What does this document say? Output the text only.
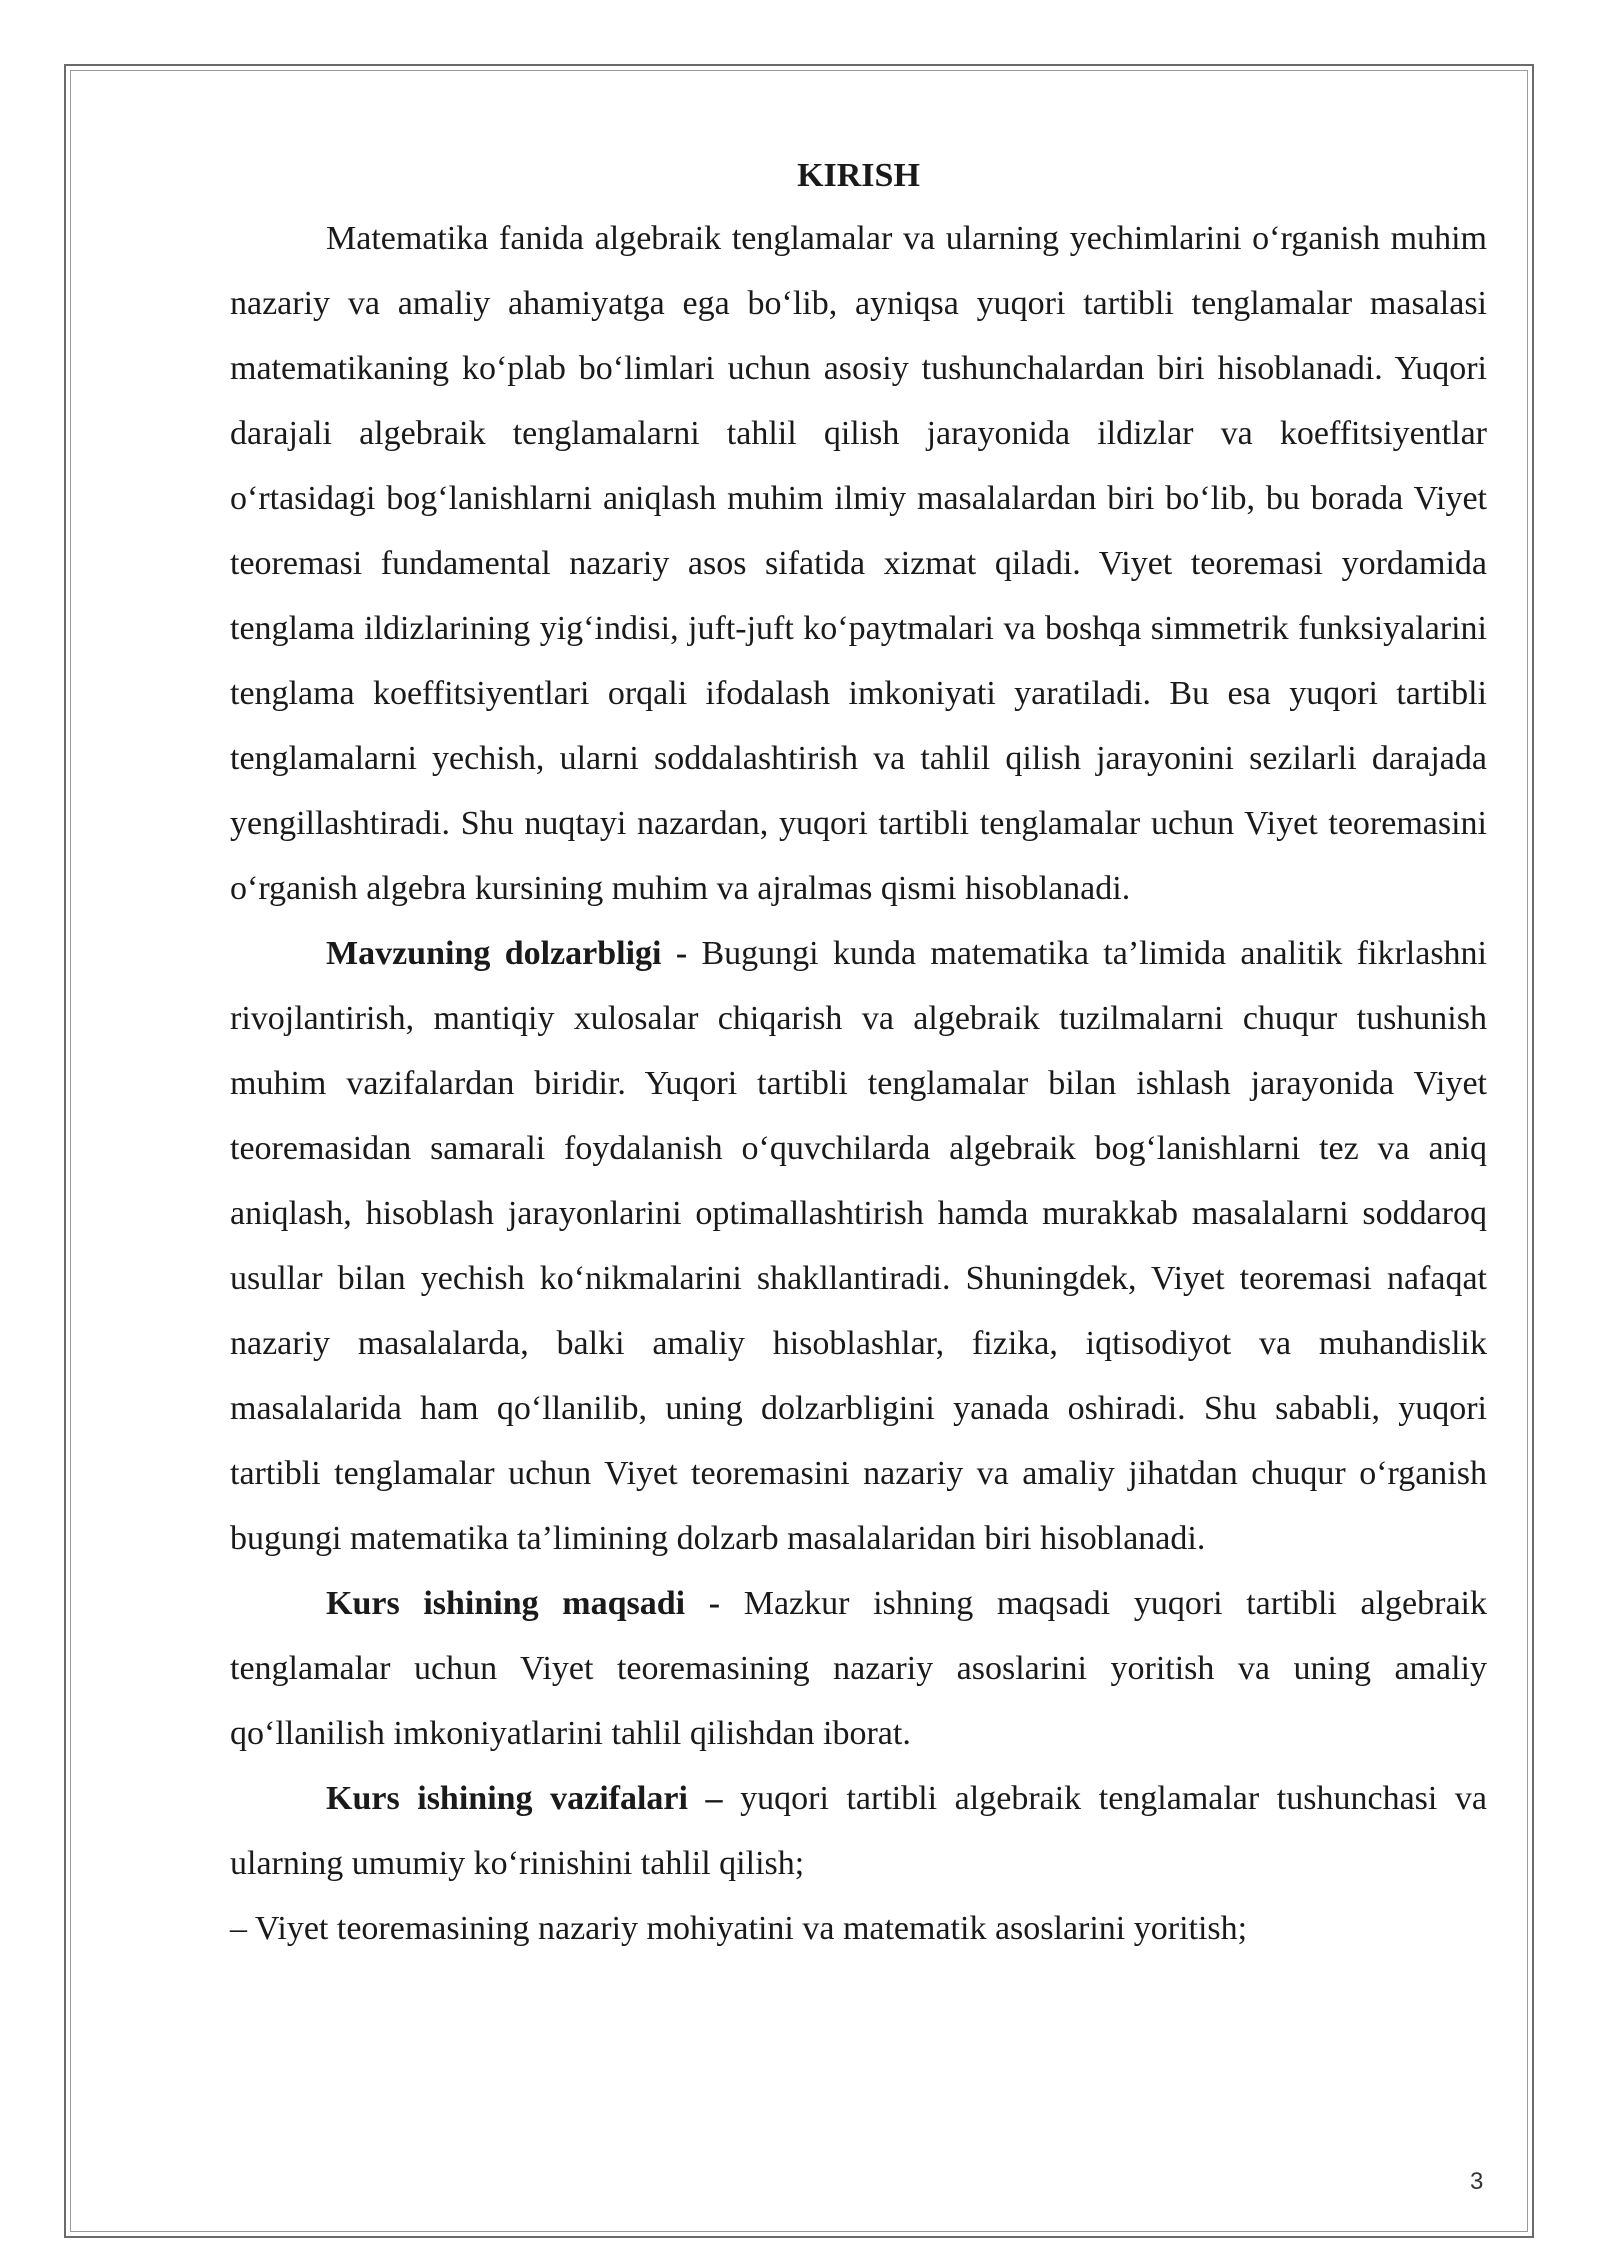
KIRISH

Matematika fanida algebraik tenglamalar va ularning yechimlarini o‘rganish muhim nazariy va amaliy ahamiyatga ega bo‘lib, ayniqsa yuqori tartibli tenglamalar masalasi matematikaning ko‘plab bo‘limlari uchun asosiy tushunchalardan biri hisoblanadi. Yuqori darajali algebraik tenglamalarni tahlil qilish jarayonida ildizlar va koeffitsiyentlar o‘rtasidagi bog‘lanishlarni aniqlash muhim ilmiy masalalardan biri bo‘lib, bu borada Viyet teoremasi fundamental nazariy asos sifatida xizmat qiladi. Viyet teoremasi yordamida tenglama ildizlarining yig‘indisi, juft-juft ko‘paytmalari va boshqa simmetrik funksiyalarini tenglama koeffitsiyentlari orqali ifodalash imkoniyati yaratiladi. Bu esa yuqori tartibli tenglamalarni yechish, ularni soddalashtirish va tahlil qilish jarayonini sezilarli darajada yengillashtiradi. Shu nuqtayi nazardan, yuqori tartibli tenglamalar uchun Viyet teoremasini o‘rganish algebra kursining muhim va ajralmas qismi hisoblanadi.

Mavzuning dolzarbligi - Bugungi kunda matematika ta’limida analitik fikrlashni rivojlantirish, mantiqiy xulosalar chiqarish va algebraik tuzilmalarni chuqur tushunish muhim vazifalardan biridir. Yuqori tartibli tenglamalar bilan ishlash jarayonida Viyet teoremasidan samarali foydalanish o‘quvchilarda algebraik bog‘lanishlarni tez va aniq aniqlash, hisoblash jarayonlarini optimallashtirish hamda murakkab masalalarni soddaroq usullar bilan yechish ko‘nikmalarini shakllantiradi. Shuningdek, Viyet teoremasi nafaqat nazariy masalalarda, balki amaliy hisoblashlar, fizika, iqtisodiyot va muhandislik masalalarida ham qo‘llanilib, uning dolzarbligini yanada oshiradi. Shu sababli, yuqori tartibli tenglamalar uchun Viyet teoremasini nazariy va amaliy jihatdan chuqur o‘rganish bugungi matematika ta’limining dolzarb masalalaridan biri hisoblanadi.

Kurs ishining maqsadi - Mazkur ishning maqsadi yuqori tartibli algebraik tenglamalar uchun Viyet teoremasining nazariy asoslarini yoritish va uning amaliy qo‘llanilish imkoniyatlarini tahlil qilishdan iborat.

Kurs ishining vazifalari – yuqori tartibli algebraik tenglamalar tushunchasi va ularning umumiy ko‘rinishini tahlil qilish;

– Viyet teoremasining nazariy mohiyatini va matematik asoslarini yoritish;

3
